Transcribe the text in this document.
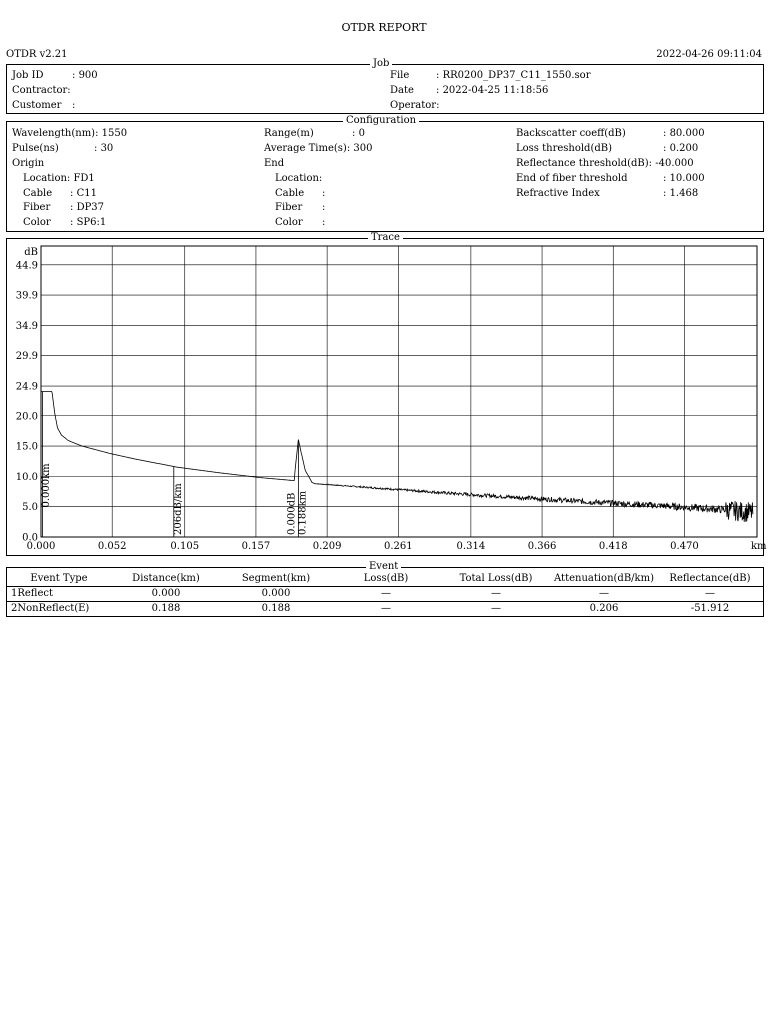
OTDR REPORT
OTDR v2.21	2022-04-26 09:11:04
Job
Job ID	: 900
Contractor:
Customer :
File	: RR0200_DP37_C11_1550.sor
Date : 2022-04-25 11:18:56
Operator:
Configuration
Wavelength(nm): 1550
Pulse(ns)	: 30
Origin
Location: FD1
Cable : C11
Fiber : DP37
Color : SP6:1
Range(m)	: 0
Average Time(s): 300
End
Location:
Cable :
Fiber :
Color :
Backscatter coeff(dB)	: 80.000
Loss threshold(dB)	: 0.200
Reflectance threshold(dB): -40.000
End of fiber threshold	: 10.000
Refractive Index	: 1.468
Trace
0.0
5.0
10.0
15.0
20.0
24.9
29.9
34.9
39.9
44.9
0.000	0.052	0.105	0.157	0.209	0.261	0.314	0.366	0.418	0.470	km
dB
0.000km	206dB/km	0.000dB 0.188km
Event
Event Type	Distance(km)	Segment(km)	Loss(dB)	Total Loss(dB)	Attenuation(dB/km)	Reflectance(dB)
1Reflect	0.000	0.000	—	—	—	—
2NonReflect(E)	0.188	0.188	—	—	0.206	-51.912
